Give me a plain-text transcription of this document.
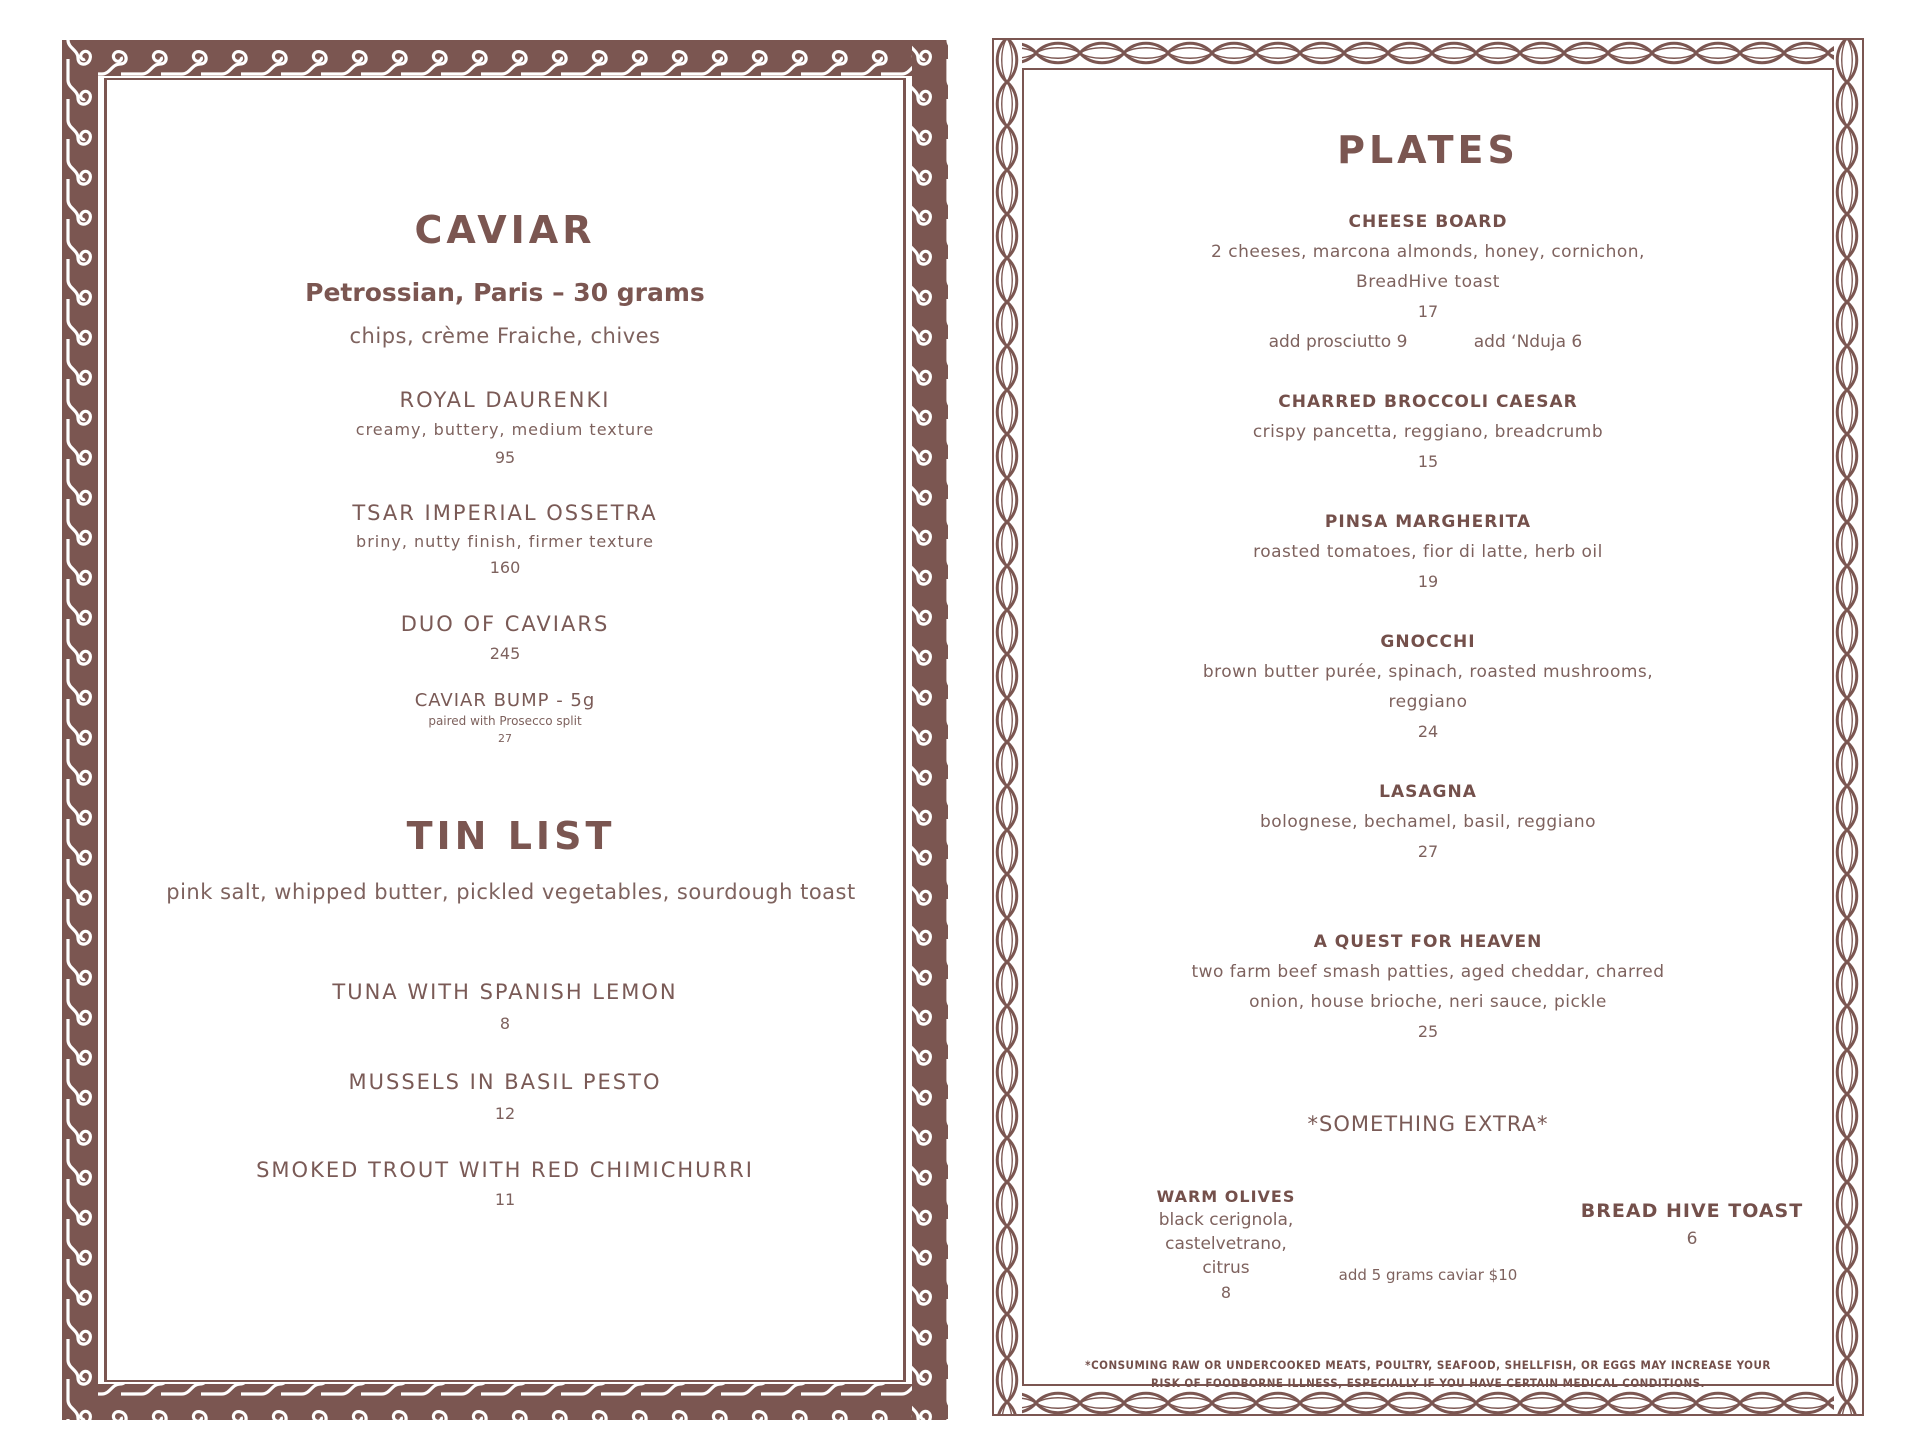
CAVIAR
Petrossian, Paris – 30 grams
chips, crème Fraiche, chives
ROYAL DAURENKI
creamy, buttery, medium texture
95
TSAR IMPERIAL OSSETRA
briny, nutty finish, firmer texture
160
DUO OF CAVIARS
245
CAVIAR BUMP - 5g
paired with Prosecco split
27
TIN LIST
pink salt, whipped butter, pickled vegetables, sourdough toast
TUNA WITH SPANISH LEMON
8
MUSSELS IN BASIL PESTO
12
SMOKED TROUT WITH RED CHIMICHURRI
11
PLATES
CHEESE BOARD
2 cheeses, marcona almonds, honey, cornichon,
BreadHive toast
17
add prosciutto 9	add ‘Nduja 6
CHARRED BROCCOLI CAESAR
crispy pancetta, reggiano, breadcrumb
15
PINSA MARGHERITA
roasted tomatoes, fior di latte, herb oil
19
GNOCCHI
brown butter purée, spinach, roasted mushrooms,
reggiano
24
LASAGNA
bolognese, bechamel, basil, reggiano
27
A QUEST FOR HEAVEN
two farm beef smash patties, aged cheddar, charred
onion, house brioche, neri sauce, pickle
25
*SOMETHING EXTRA*
WARM OLIVES
black cerignola,
castelvetrano,
citrus
8
add 5 grams caviar $10
BREAD HIVE TOAST
6
*CONSUMING RAW OR UNDERCOOKED MEATS, POULTRY, SEAFOOD, SHELLFISH, OR EGGS MAY INCREASE YOUR
RISK OF FOODBORNE ILLNESS, ESPECIALLY IF YOU HAVE CERTAIN MEDICAL CONDITIONS.
